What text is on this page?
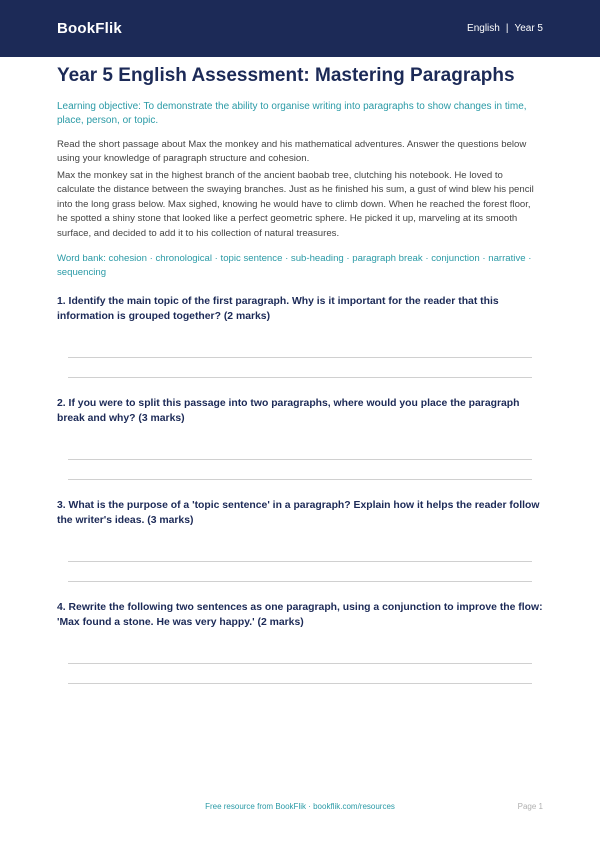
BookFlik	English | Year 5
Year 5 English Assessment: Mastering Paragraphs

Learning objective: To demonstrate the ability to organise writing into paragraphs to show changes in time, place, person, or topic.

Read the short passage about Max the monkey and his mathematical adventures. Answer the questions below using your knowledge of paragraph structure and cohesion.

Max the monkey sat in the highest branch of the ancient baobab tree, clutching his notebook. He loved to calculate the distance between the swaying branches. Just as he finished his sum, a gust of wind blew his pencil into the long grass below. Max sighed, knowing he would have to climb down. When he reached the forest floor, he spotted a shiny stone that looked like a perfect geometric sphere. He picked it up, marveling at its smooth surface, and decided to add it to his collection of natural treasures.

Word bank: cohesion · chronological · topic sentence · sub-heading · paragraph break · conjunction · narrative · sequencing

1. Identify the main topic of the first paragraph. Why is it important for the reader that this information is grouped together? (2 marks)

2. If you were to split this passage into two paragraphs, where would you place the paragraph break and why? (3 marks)

3. What is the purpose of a 'topic sentence' in a paragraph? Explain how it helps the reader follow the writer's ideas. (3 marks)

4. Rewrite the following two sentences as one paragraph, using a conjunction to improve the flow: 'Max found a stone. He was very happy.' (2 marks)

Free resource from BookFlik · bookflik.com/resources	Page 1
